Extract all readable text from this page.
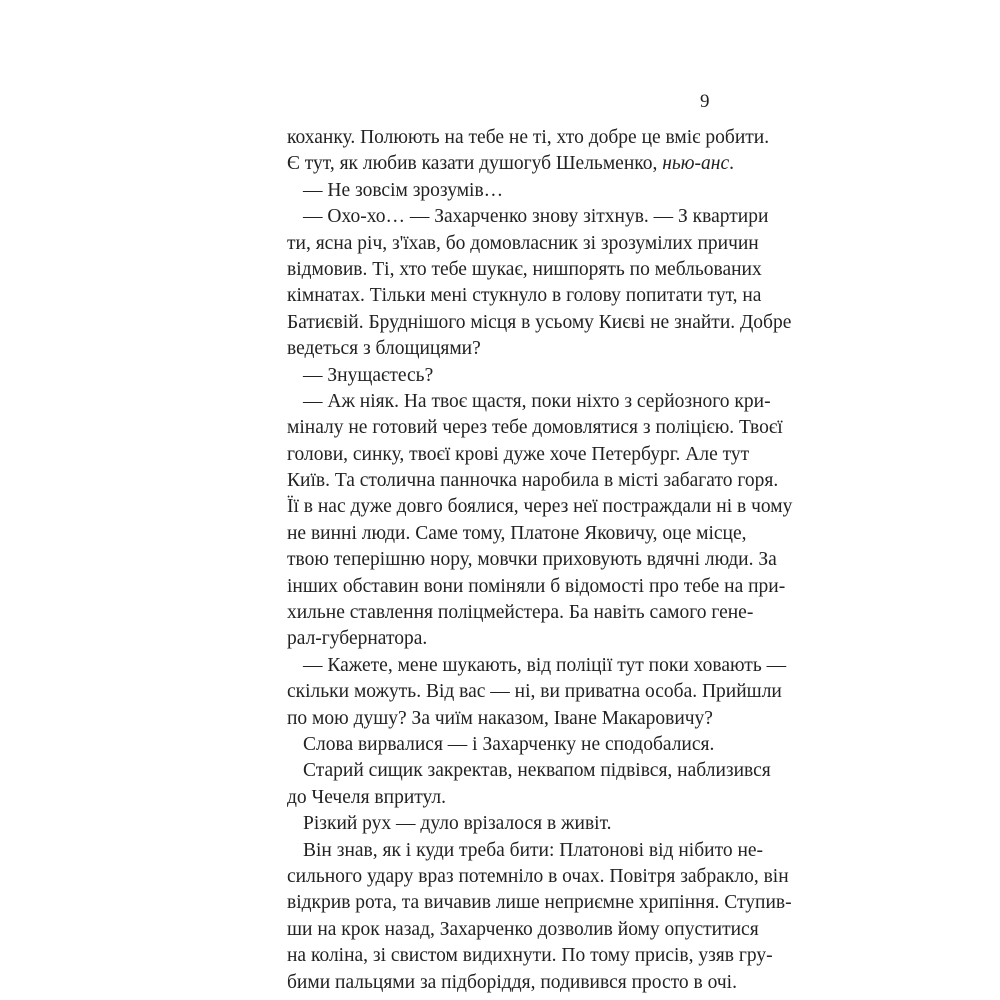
9
коханку. Полюють на тебе не ті, хто добре це вміє робити.
Є тут, як любив казати душогуб Шельменко, нью-анс.
— Не зовсім зрозумів…
— Охо-хо… — Захарченко знову зітхнув. — З квартири
ти, ясна річ, з'їхав, бо домовласник зі зрозумілих причин
відмовив. Ті, хто тебе шукає, нишпорять по мебльованих
кімнатах. Тільки мені стукнуло в голову попитати тут, на
Батиєвій. Бруднішого місця в усьому Києві не знайти. Добре
ведеться з блощицями?
— Знущаєтесь?
— Аж ніяк. На твоє щастя, поки ніхто з серйозного кри-
міналу не готовий через тебе домовлятися з поліцією. Твоєї
голови, синку, твоєї крові дуже хоче Петербург. Але тут
Київ. Та столична панночка наробила в місті забагато горя.
Її в нас дуже довго боялися, через неї постраждали ні в чому
не винні люди. Саме тому, Платоне Яковичу, оце місце,
твою теперішню нору, мовчки приховують вдячні люди. За
інших обставин вони поміняли б відомості про тебе на при-
хильне ставлення поліцмейстера. Ба навіть самого гене-
рал-губернатора.
— Кажете, мене шукають, від поліції тут поки ховають —
скільки можуть. Від вас — ні, ви приватна особа. Прийшли
по мою душу? За чиїм наказом, Іване Макаровичу?
Слова вирвалися — і Захарченку не сподобалися.
Старий сищик закректав, неквапом підвівся, наблизився
до Чечеля впритул.
Різкий рух — дуло врізалося в живіт.
Він знав, як і куди треба бити: Платонові від нібито не-
сильного удару враз потемніло в очах. Повітря забракло, він
відкрив рота, та вичавив лише неприємне хрипіння. Ступив-
ши на крок назад, Захарченко дозволив йому опуститися
на коліна, зі свистом видихнути. По тому присів, узяв гру-
бими пальцями за підборіддя, подивився просто в очі.
